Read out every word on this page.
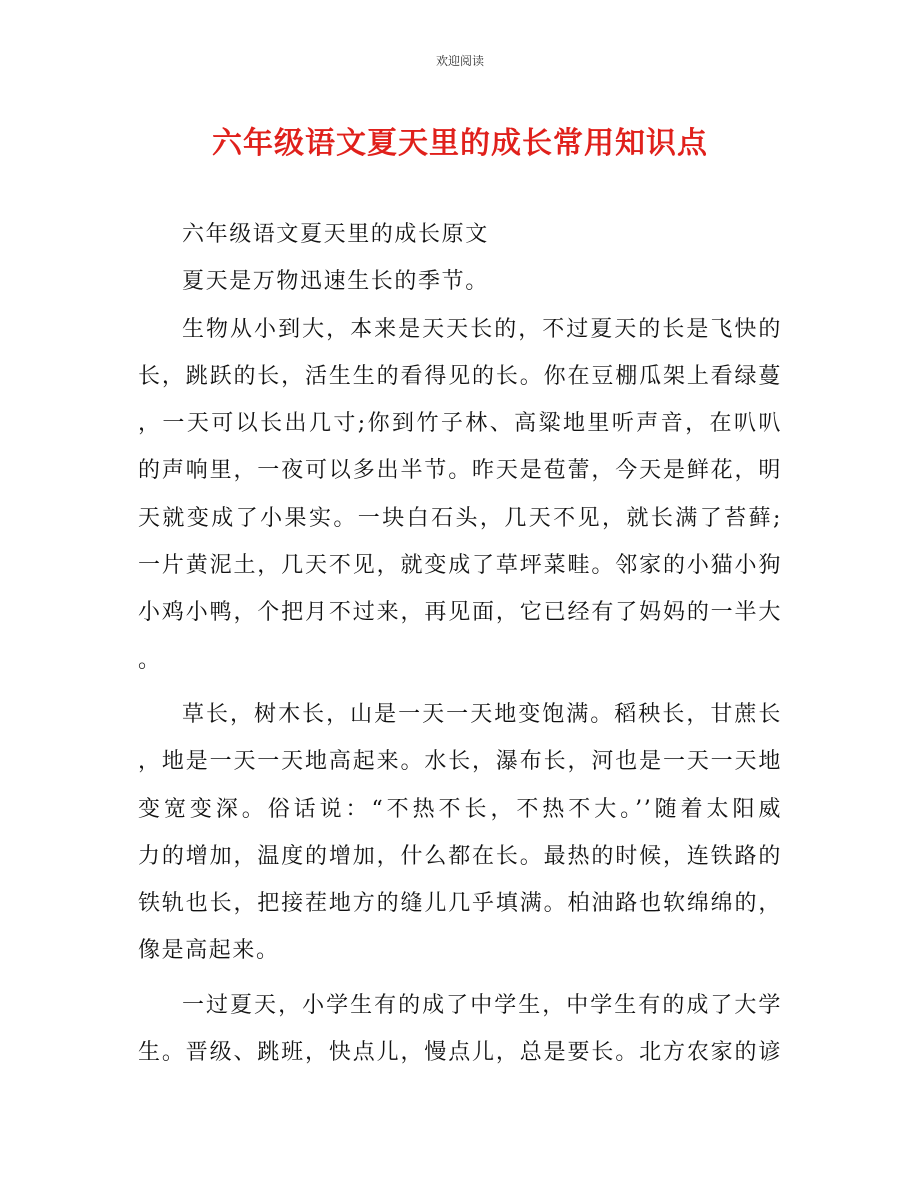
欢迎阅读
六年级语文夏天里的成长常用知识点
六年级语文夏天里的成长原文
夏天是万物迅速生长的季节。
生物从小到大，本来是天天长的，不过夏天的长是飞快的
长，跳跃的长，活生生的看得见的长。你在豆棚瓜架上看绿蔓
，一天可以长出几寸;你到竹子林、高粱地里听声音，在叭叭
的声响里，一夜可以多出半节。昨天是苞蕾，今天是鲜花，明
天就变成了小果实。一块白石头，几天不见，就长满了苔藓;
一片黄泥土，几天不见，就变成了草坪菜畦。邻家的小猫小狗
小鸡小鸭，个把月不过来，再见面，它已经有了妈妈的一半大
。
草长，树木长，山是一天一天地变饱满。稻秧长，甘蔗长
，地是一天一天地高起来。水长，瀑布长，河也是一天一天地
变宽变深。俗话说：“不热不长，不热不大。’’随着太阳威
力的增加，温度的增加，什么都在长。最热的时候，连铁路的
铁轨也长，把接茬地方的缝儿几乎填满。柏油路也软绵绵的，
像是高起来。
一过夏天，小学生有的成了中学生，中学生有的成了大学
生。晋级、跳班，快点儿，慢点儿，总是要长。北方农家的谚
